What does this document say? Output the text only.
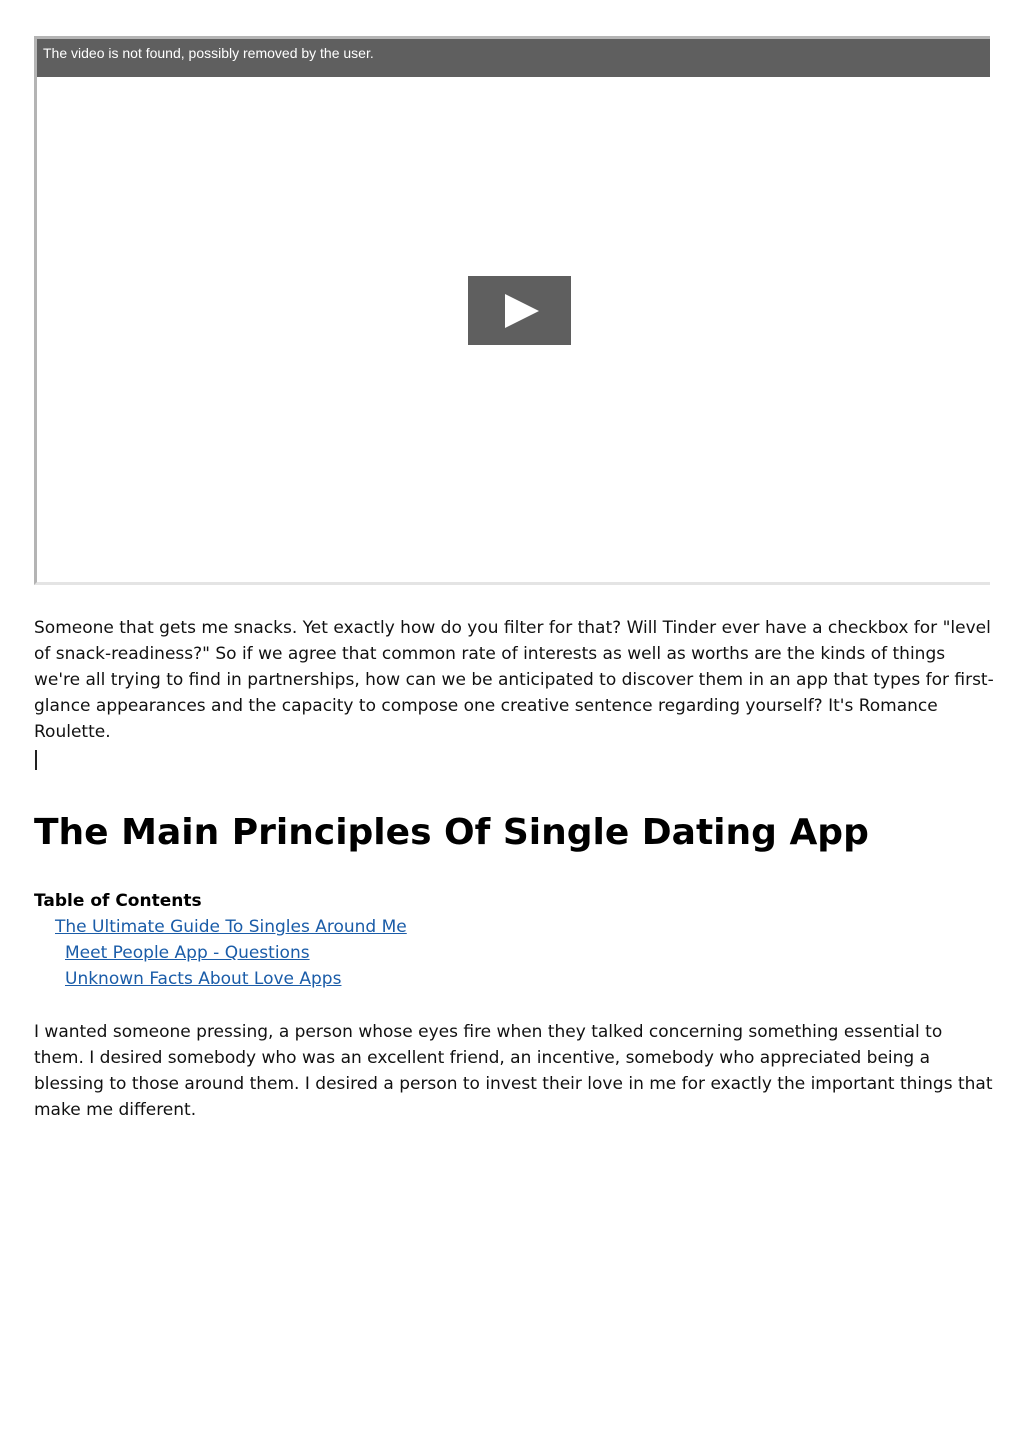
The video is not found, possibly removed by the user.

Someone that gets me snacks. Yet exactly how do you filter for that? Will Tinder ever have a checkbox for "level of snack-readiness?" So if we agree that common rate of interests as well as worths are the kinds of things we're all trying to find in partnerships, how can we be anticipated to discover them in an app that types for first-glance appearances and the capacity to compose one creative sentence regarding yourself? It's Romance Roulette.

The Main Principles Of Single Dating App
Table of Contents
The Ultimate Guide To Singles Around Me
Meet People App - Questions
Unknown Facts About Love Apps

I wanted someone pressing, a person whose eyes fire when they talked concerning something essential to them. I desired somebody who was an excellent friend, an incentive, somebody who appreciated being a blessing to those around them. I desired a person to invest their love in me for exactly the important things that make me different.
